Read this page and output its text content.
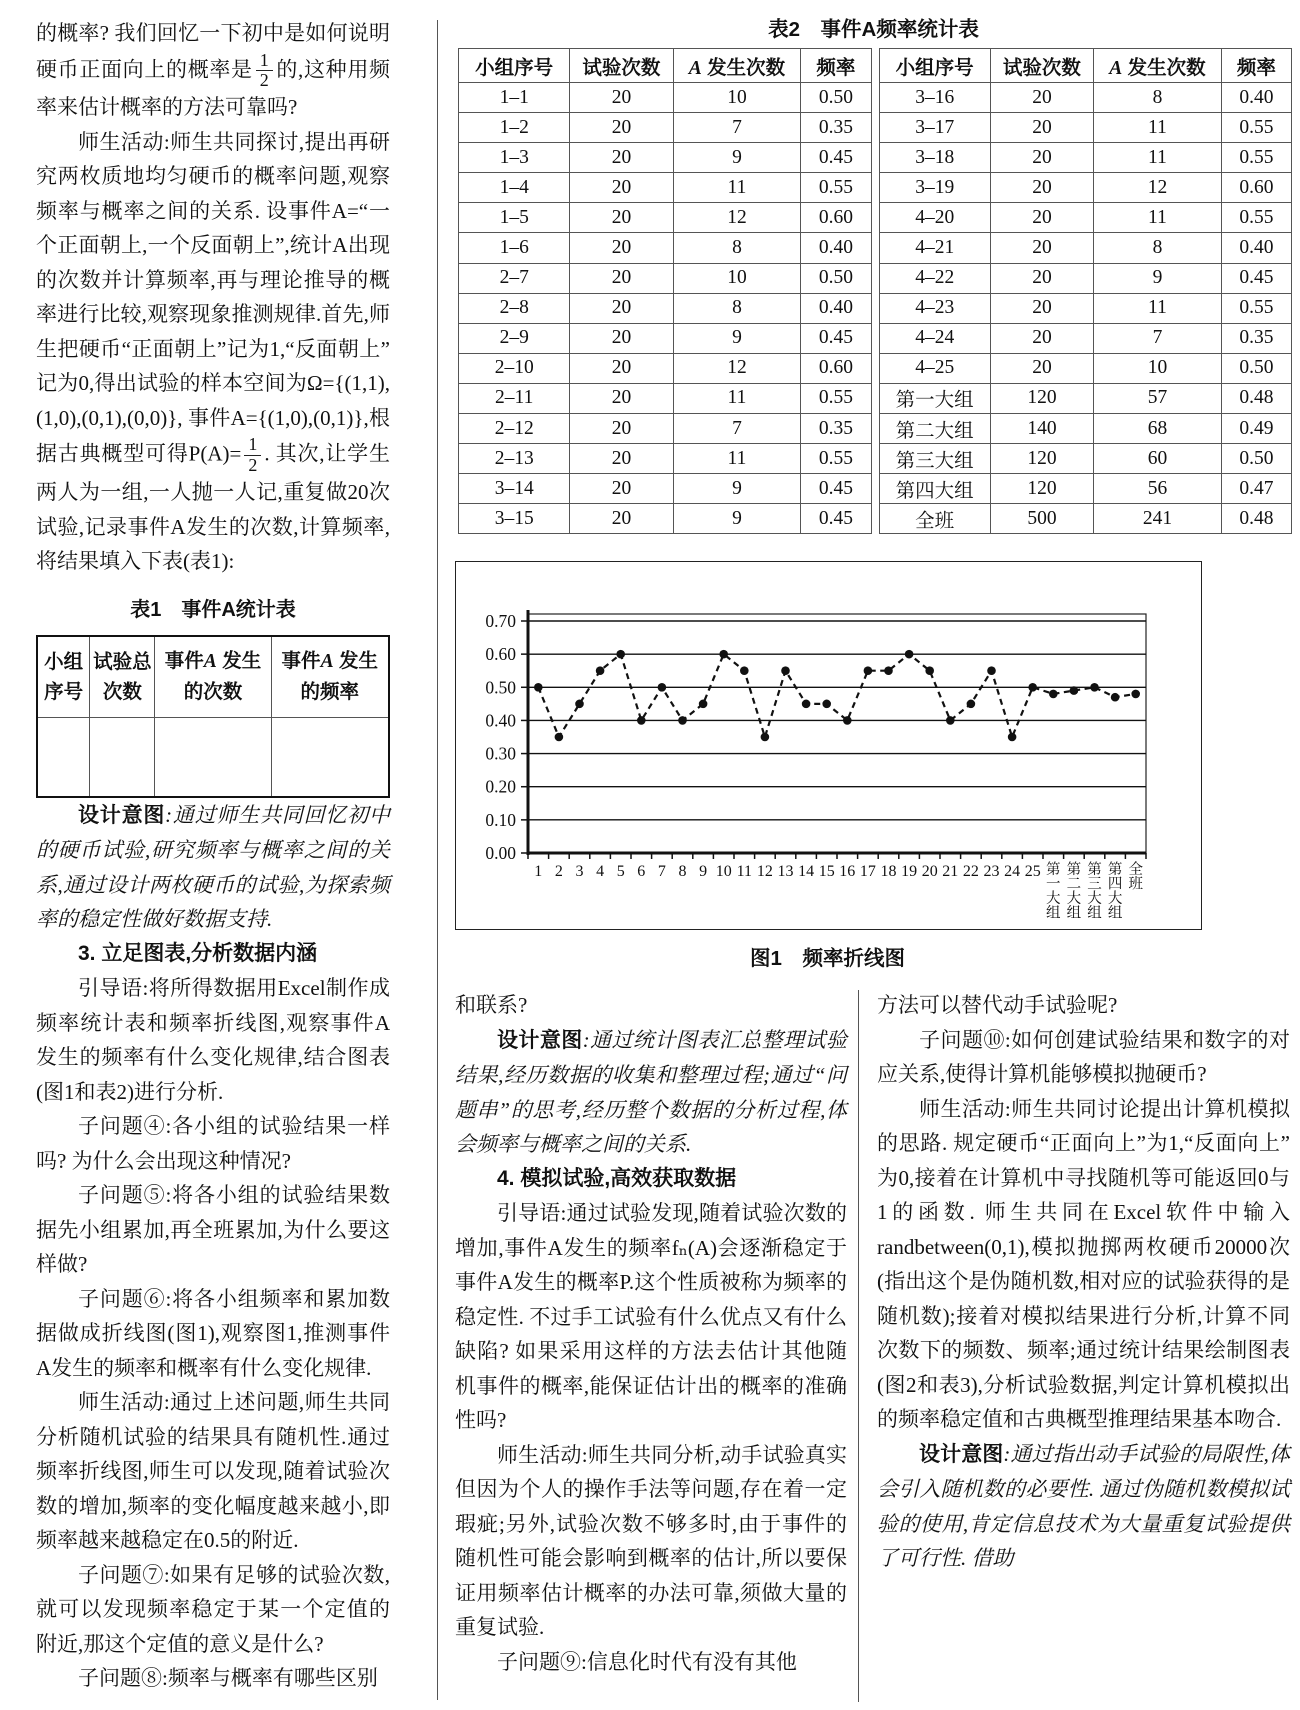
的概率? 我们回忆一下初中是如何说明硬币正面向上的概率是 $\frac{1}{2}$ 的,这种用频率来估计概率的方法可靠吗?

师生活动:师生共同探讨,提出再研究两枚质地均匀硬币的概率问题,观察频率与概率之间的关系. 设事件A=“一个正面朝上,一个反面朝上”,统计A出现的次数并计算频率,再与理论推导的概率进行比较,观察现象推测规律.首先,师生把硬币“正面朝上”记为1,“反面朝上”记为0,得出试验的样本空间为Ω={(1,1),(1,0),(0,1),(0,0)}, 事件A={(1,0),(0,1)},根据古典概型可得$P(A)= \frac{1}{2}$ . 其次,让学生两人为一组,一人抛一人记,重复做20次试验,记录事件A发生的次数,计算频率,将结果填入下表(表1):

表1　事件A统计表
小组序号	试验总次数	事件A 发生的次数	事件A 发生的频率

设计意图:通过师生共同回忆初中的硬币试验,研究频率与概率之间的关系,通过设计两枚硬币的试验,为探索频率的稳定性做好数据支持.

3. 立足图表,分析数据内涵

引导语:将所得数据用Excel制作成频率统计表和频率折线图,观察事件A发生的频率有什么变化规律,结合图表(图1和表2)进行分析.

子问题④:各小组的试验结果一样吗? 为什么会出现这种情况?

子问题⑤:将各小组的试验结果数据先小组累加,再全班累加,为什么要这样做?

子问题⑥:将各小组频率和累加数据做成折线图(图1),观察图1,推测事件A发生的频率和概率有什么变化规律.

师生活动:通过上述问题,师生共同分析随机试验的结果具有随机性.通过频率折线图,师生可以发现,随着试验次数的增加,频率的变化幅度越来越小,即频率越来越稳定在0.5的附近.

子问题⑦:如果有足够的试验次数,就可以发现频率稳定于某一个定值的附近,那这个定值的意义是什么?

子问题⑧:频率与概率有哪些区别

表2　事件A频率统计表
小组序号	试验次数	A 发生次数	频率
1–1	20	10	0.50
1–2	20	7	0.35
1–3	20	9	0.45
1–4	20	11	0.55
1–5	20	12	0.60
1–6	20	8	0.40
2–7	20	10	0.50
2–8	20	8	0.40
2–9	20	9	0.45
2–10	20	12	0.60
2–11	20	11	0.55
2–12	20	7	0.35
2–13	20	11	0.55
3–14	20	9	0.45
3–15	20	9	0.45
小组序号	试验次数	A 发生次数	频率
3–16	20	8	0.40
3–17	20	11	0.55
3–18	20	11	0.55
3–19	20	12	0.60
4–20	20	11	0.55
4–21	20	8	0.40
4–22	20	9	0.45
4–23	20	11	0.55
4–24	20	7	0.35
4–25	20	10	0.50
第一大组	120	57	0.48
第二大组	140	68	0.49
第三大组	120	60	0.50
第四大组	120	56	0.47
全班	500	241	0.48
0.00
0.10
0.20
0.30
0.40
0.50
0.60
0.70
1 2 3 4 5 6 7 8 9 10 11 12 13 14 15 16 17 18 19 20 21 22 23 24 25 第一大组
第二大组
第三大组
第四大组
全班
图1　频率折线图

和联系?

设计意图:通过统计图表汇总整理试验结果,经历数据的收集和整理过程;通过“问题串”的思考,经历整个数据的分析过程,体会频率与概率之间的关系.

4. 模拟试验,高效获取数据

引导语:通过试验发现,随着试验次数的增加,事件A发生的频率fₙ(A)会逐渐稳定于事件A发生的概率P.这个性质被称为频率的稳定性. 不过手工试验有什么优点又有什么缺陷? 如果采用这样的方法去估计其他随机事件的概率,能保证估计出的概率的准确性吗?

师生活动:师生共同分析,动手试验真实但因为个人的操作手法等问题,存在着一定瑕疵;另外,试验次数不够多时,由于事件的随机性可能会影响到概率的估计,所以要保证用频率估计概率的办法可靠,须做大量的重复试验.

子问题⑨:信息化时代有没有其他

方法可以替代动手试验呢?

子问题⑩:如何创建试验结果和数字的对应关系,使得计算机能够模拟抛硬币?

师生活动:师生共同讨论提出计算机模拟的思路. 规定硬币“正面向上”为1,“反面向上”为0,接着在计算机中寻找随机等可能返回0与1的函数. 师生共同在Excel软件中输入randbetween(0,1),模拟抛掷两枚硬币20000次(指出这个是伪随机数,相对应的试验获得的是随机数);接着对模拟结果进行分析,计算不同次数下的频数、频率;通过统计结果绘制图表(图2和表3),分析试验数据,判定计算机模拟出的频率稳定值和古典概型推理结果基本吻合.

设计意图:通过指出动手试验的局限性,体会引入随机数的必要性. 通过伪随机数模拟试验的使用,肯定信息技术为大量重复试验提供了可行性. 借助
